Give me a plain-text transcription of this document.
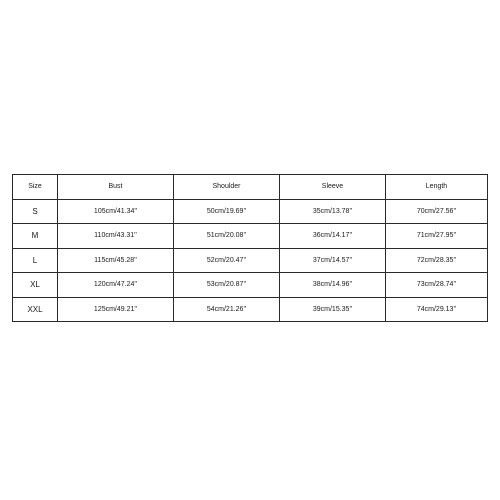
Size	Bust	Shoulder	Sleeve	Length
S	105cm/41.34''	50cm/19.69''	35cm/13.78''	70cm/27.56''
M	110cm/43.31''	51cm/20.08''	36cm/14.17''	71cm/27.95''
L	115cm/45.28''	52cm/20.47''	37cm/14.57''	72cm/28.35''
XL	120cm/47.24''	53cm/20.87''	38cm/14.96''	73cm/28.74''
XXL	125cm/49.21''	54cm/21.26''	39cm/15.35''	74cm/29.13''
